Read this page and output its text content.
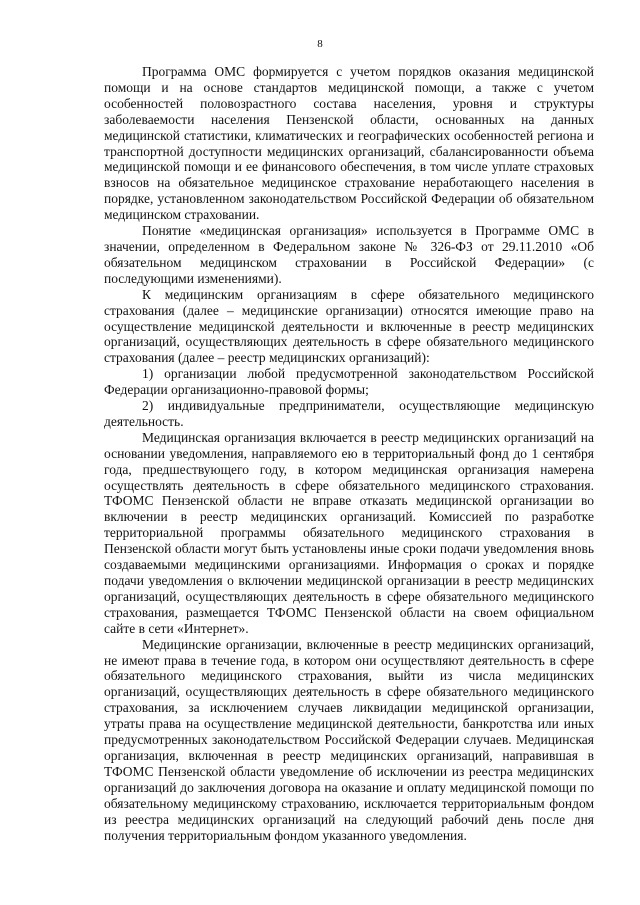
8

Программа ОМС формируется с учетом порядков оказания медицинской помощи и на основе стандартов медицинской помощи, а также с учетом особенностей половозрастного состава населения, уровня и структуры заболеваемости населения Пензенской области, основанных на данных медицинской статистики, климатических и географических особенностей региона и транспортной доступности медицинских организаций, сбалансированности объема медицинской помощи и ее финансового обеспечения, в том числе уплате страховых взносов на обязательное медицинское страхование неработающего населения в порядке, установленном законодательством Российской Федерации об обязательном медицинском страховании.

Понятие «медицинская организация» используется в Программе ОМС в значении, определенном в Федеральном законе № 326-ФЗ от 29.11.2010 «Об обязательном медицинском страховании в Российской Федерации» (с последующими изменениями).

К медицинским организациям в сфере обязательного медицинского страхования (далее – медицинские организации) относятся имеющие право на осуществление медицинской деятельности и включенные в реестр медицинских организаций, осуществляющих деятельность в сфере обязательного медицинского страхования (далее – реестр медицинских организаций):

1) организации любой предусмотренной законодательством Российской Федерации организационно-правовой формы;

2) индивидуальные предприниматели, осуществляющие медицинскую деятельность.

Медицинская организация включается в реестр медицинских организаций на основании уведомления, направляемого ею в территориальный фонд до 1 сентября года, предшествующего году, в котором медицинская организация намерена осуществлять деятельность в сфере обязательного медицинского страхования. ТФОМС Пензенской области не вправе отказать медицинской организации во включении в реестр медицинских организаций. Комиссией по разработке территориальной программы обязательного медицинского страхования в Пензенской области могут быть установлены иные сроки подачи уведомления вновь создаваемыми медицинскими организациями. Информация о сроках и порядке подачи уведомления о включении медицинской организации в реестр медицинских организаций, осуществляющих деятельность в сфере обязательного медицинского страхования, размещается ТФОМС Пензенской области на своем официальном сайте в сети «Интернет».

Медицинские организации, включенные в реестр медицинских организаций, не имеют права в течение года, в котором они осуществляют деятельность в сфере обязательного медицинского страхования, выйти из числа медицинских организаций, осуществляющих деятельность в сфере обязательного медицинского страхования, за исключением случаев ликвидации медицинской организации, утраты права на осуществление медицинской деятельности, банкротства или иных предусмотренных законодательством Российской Федерации случаев. Медицинская организация, включенная в реестр медицинских организаций, направившая в ТФОМС Пензенской области уведомление об исключении из реестра медицинских организаций до заключения договора на оказание и оплату медицинской помощи по обязательному медицинскому страхованию, исключается территориальным фондом из реестра медицинских организаций на следующий рабочий день после дня получения территориальным фондом указанного уведомления.
